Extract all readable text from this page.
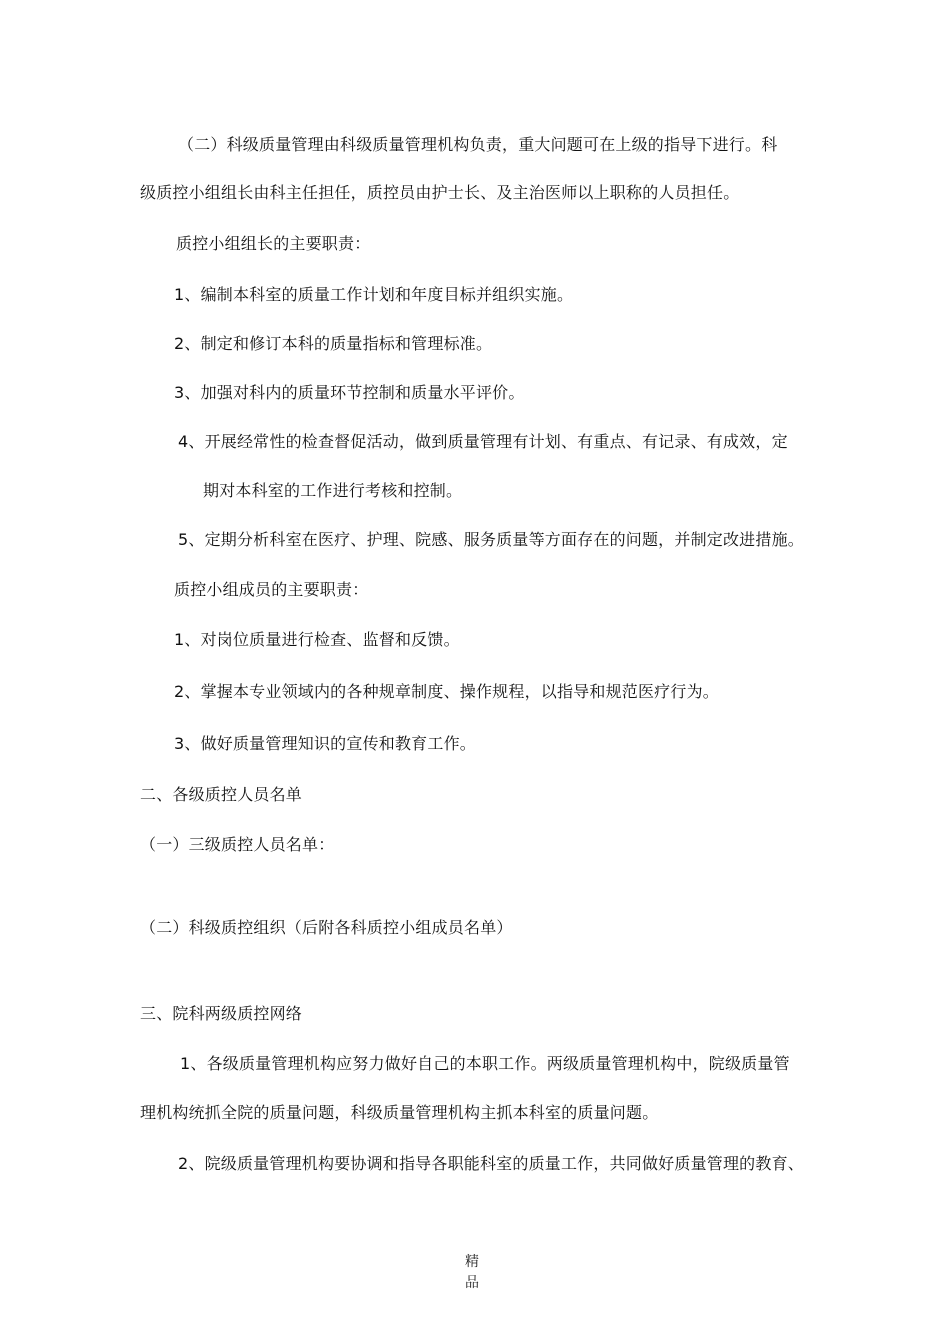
（二）科级质量管理由科级质量管理机构负责，重大问题可在上级的指导下进行。科
级质控小组组长由科主任担任，质控员由护士长、及主治医师以上职称的人员担任。
质控小组组长的主要职责：
1、编制本科室的质量工作计划和年度目标并组织实施。
2、制定和修订本科的质量指标和管理标准。
3、加强对科内的质量环节控制和质量水平评价。
4、开展经常性的检查督促活动，做到质量管理有计划、有重点、有记录、有成效，定
期对本科室的工作进行考核和控制。
5、定期分析科室在医疗、护理、院感、服务质量等方面存在的问题，并制定改进措施。
质控小组成员的主要职责：
1、对岗位质量进行检查、监督和反馈。
2、掌握本专业领域内的各种规章制度、操作规程，以指导和规范医疗行为。
3、做好质量管理知识的宣传和教育工作。
二、各级质控人员名单
（一）三级质控人员名单：
（二）科级质控组织（后附各科质控小组成员名单）
三、院科两级质控网络
1、各级质量管理机构应努力做好自己的本职工作。两级质量管理机构中，院级质量管
理机构统抓全院的质量问题，科级质量管理机构主抓本科室的质量问题。
2、院级质量管理机构要协调和指导各职能科室的质量工作，共同做好质量管理的教育、
精
品
